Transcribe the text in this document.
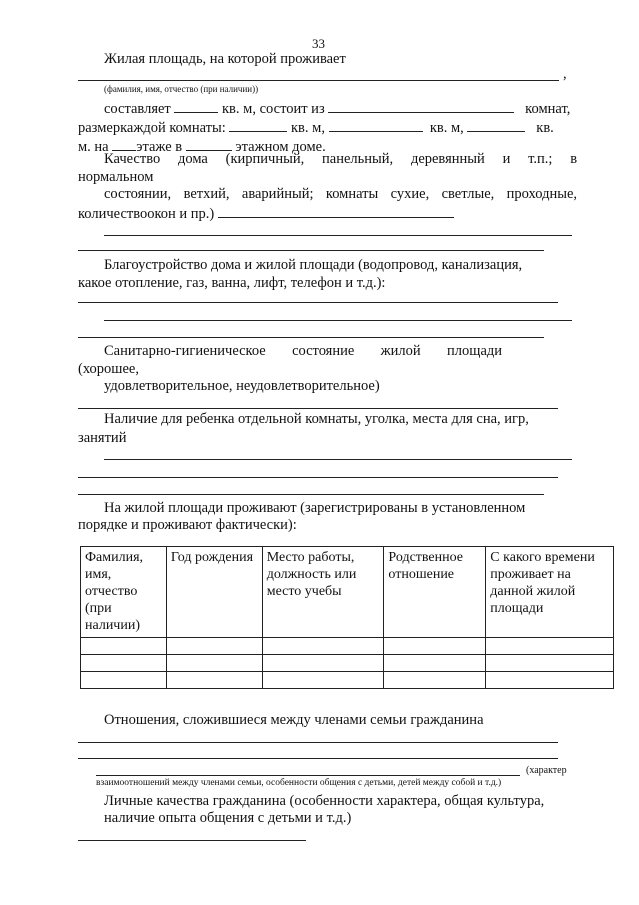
33
Жилая площадь, на которой проживает
,
(фамилия, имя, отчество (при наличии))
составляет	кв. м, состоит из	комнат,
размеркаждой комнаты:	кв. м,	кв. м,	кв.
м. на этаже в	этажном доме.
Качество дома (кирпичный, панельный, деревянный и т.п.; в
нормальном
состоянии, ветхий, аварийный; комнаты сухие, светлые, проходные,
количествоокон и пр.)
Благоустройство дома и жилой площади (водопровод, канализация,
какое отопление, газ, ванна, лифт, телефон и т.д.):
Санитарно-гигиеническое состояние жилой площади
(хорошее,
удовлетворительное, неудовлетворительное)
Наличие для ребенка отдельной комнаты, уголка, места для сна, игр,
занятий
На жилой площади проживают (зарегистрированы в установленном
порядке и проживают фактически):
Фамилия, имя, отчество (при наличии)	Год рождения	Место работы, должность или место учебы	Родственное отношение	С какого времени проживает на данной жилой площади

Отношения, сложившиеся между членами семьи гражданина
(характер
взаимоотношений между членами семьи, особенности общения с детьми, детей между собой и т.д.)
Личные качества гражданина (особенности характера, общая культура,
наличие опыта общения с детьми и т.д.)
